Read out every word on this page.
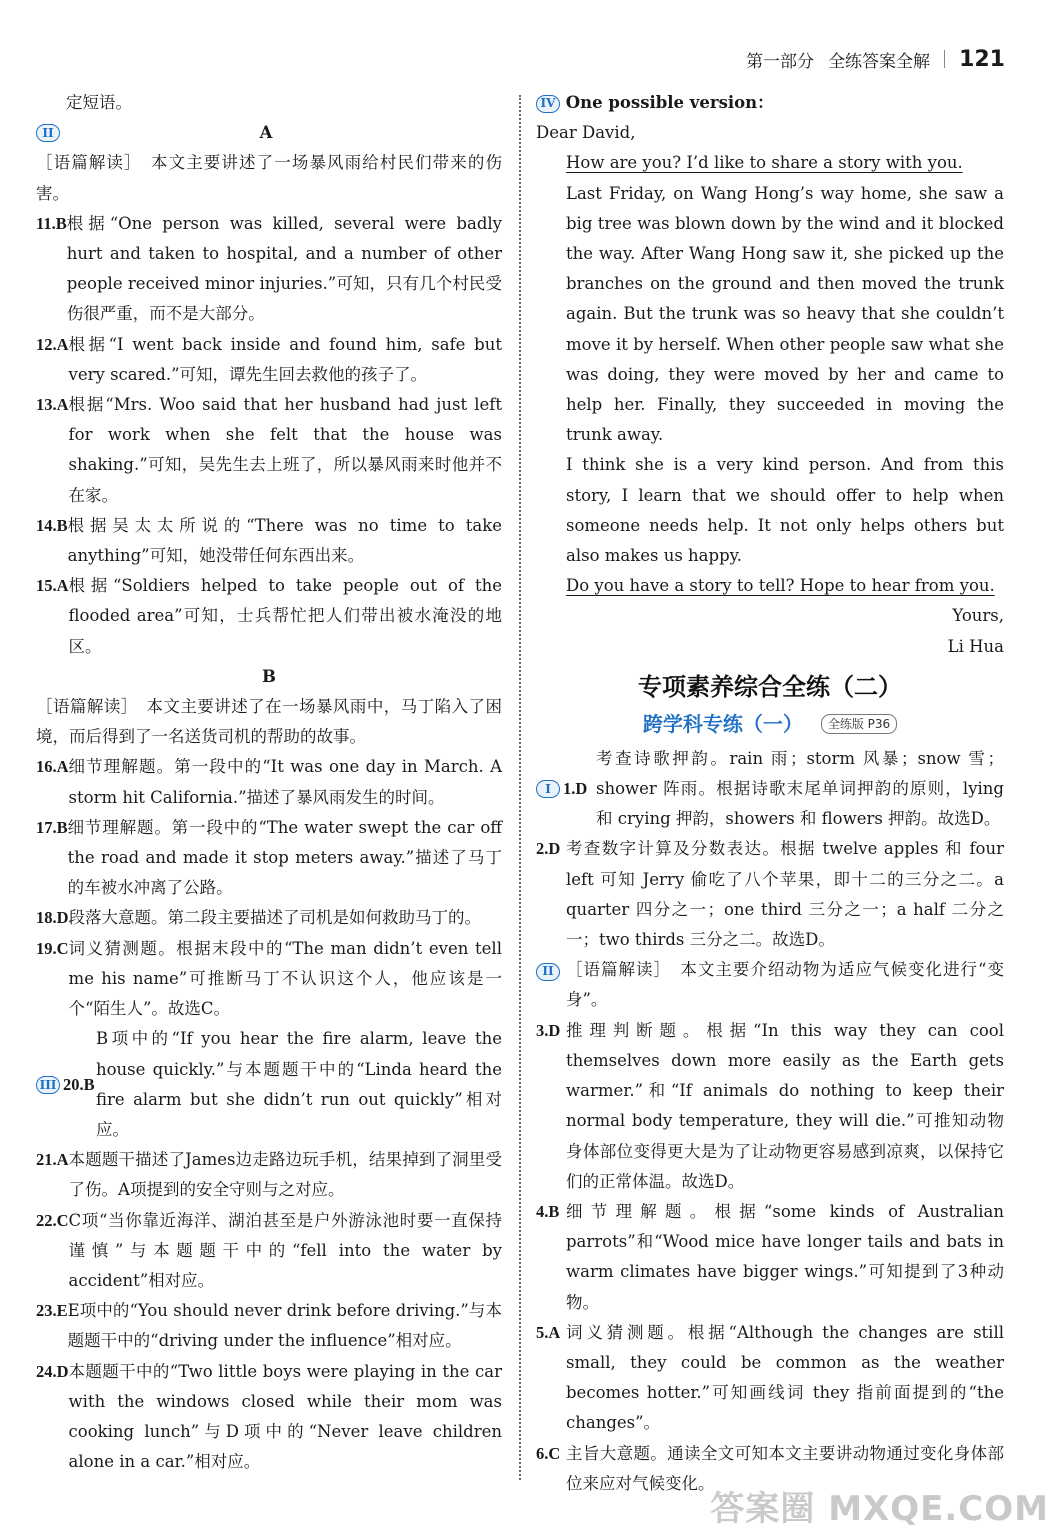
第一部分 全练答案全解 121

定短语。

II	A

［语篇解读］　本文主要讲述了一场暴风雨给村民们带来的伤害。

11.B 根据“One person was killed, several were badly hurt and taken to hospital, and a number of other people received minor injuries.”可知，只有几个村民受伤很严重，而不是大部分。
12.A 根据“I went back inside and found him, safe but very scared.”可知，谭先生回去救他的孩子了。
13.A 根据“Mrs. Woo said that her husband had just left for work when she felt that the house was shaking.”可知，吴先生去上班了，所以暴风雨来时他并不在家。
14.B 根据吴太太所说的“There was no time to take anything”可知，她没带任何东西出来。
15.A 根据“Soldiers helped to take people out of the flooded area”可知，士兵帮忙把人们带出被水淹没的地区。
B

［语篇解读］　本文主要讲述了在一场暴风雨中，马丁陷入了困境，而后得到了一名送货司机的帮助的故事。

16.A 细节理解题。第一段中的“It was one day in March. A storm hit California.”描述了暴风雨发生的时间。
17.B 细节理解题。第一段中的“The water swept the car off the road and made it stop meters away.”描述了马丁的车被水冲离了公路。
18.D 段落大意题。第二段主要描述了司机是如何救助马丁的。
19.C 词义猜测题。根据末段中的“The man didn’t even tell me his name”可推断马丁不认识这个人，他应该是一个“陌生人”。故选C。
III 20.B
B项中的“If you hear the fire alarm, leave the house quickly.”与本题题干中的“Linda heard the fire alarm but she didn’t run out quickly”相对应。
21.A 本题题干描述了James边走路边玩手机，结果掉到了洞里受了伤。A项提到的安全守则与之对应。
22.C C项“当你靠近海洋、湖泊甚至是户外游泳池时要一直保持谨慎”与本题题干中的“fell into the water by accident”相对应。
23.E E项中的“You should never drink before driving.”与本题题干中的“driving under the influence”相对应。
24.D 本题题干中的“Two little boys were playing in the car with the windows closed while their mom was cooking lunch”与D项中的“Never leave children alone in a car.”相对应。
IV One possible version：

Dear David,

How are you? I’d like to share a story with you.

Last Friday, on Wang Hong’s way home, she saw a big tree was blown down by the wind and it blocked the way. After Wang Hong saw it, she picked up the branches on the ground and then moved the trunk again. But the trunk was so heavy that she couldn’t move it by herself. When other people saw what she was doing, they were moved by her and came to help her. Finally, they succeeded in moving the trunk away.

I think she is a very kind person. And from this story, I learn that we should offer to help when someone needs help. It not only helps others but also makes us happy.

Do you have a story to tell? Hope to hear from you.

Yours,

Li Hua

专项素养综合全练（二）
跨学科专练（一）	全练版 P36
I 1.D
考查诗歌押韵。rain 雨；storm 风暴；snow 雪；shower 阵雨。根据诗歌末尾单词押韵的原则，lying 和 crying 押韵，showers 和 flowers 押韵。故选D。
2.D 考查数字计算及分数表达。根据 twelve apples 和 four left 可知 Jerry 偷吃了八个苹果，即十二的三分之二。a quarter 四分之一；one third 三分之一；a half 二分之一；two thirds 三分之二。故选D。
II ［语篇解读］　本文主要介绍动物为适应气候变化进行“变身”。
3.D 推理判断题。根据“In this way they can cool themselves down more easily as the Earth gets warmer.”和“If animals do nothing to keep their normal body temperature, they will die.”可推知动物身体部位变得更大是为了让动物更容易感到凉爽，以保持它们的正常体温。故选D。
4.B 细节理解题。根据“some kinds of Australian parrots”和“Wood mice have longer tails and bats in warm climates have bigger wings.”可知提到了3种动物。
5.A 词义猜测题。根据“Although the changes are still small, they could be common as the weather becomes hotter.”可知画线词 they 指前面提到的“the changes”。
6.C 主旨大意题。通读全文可知本文主要讲动物通过变化身体部位来应对气候变化。
答案圈 MXQE.COM
